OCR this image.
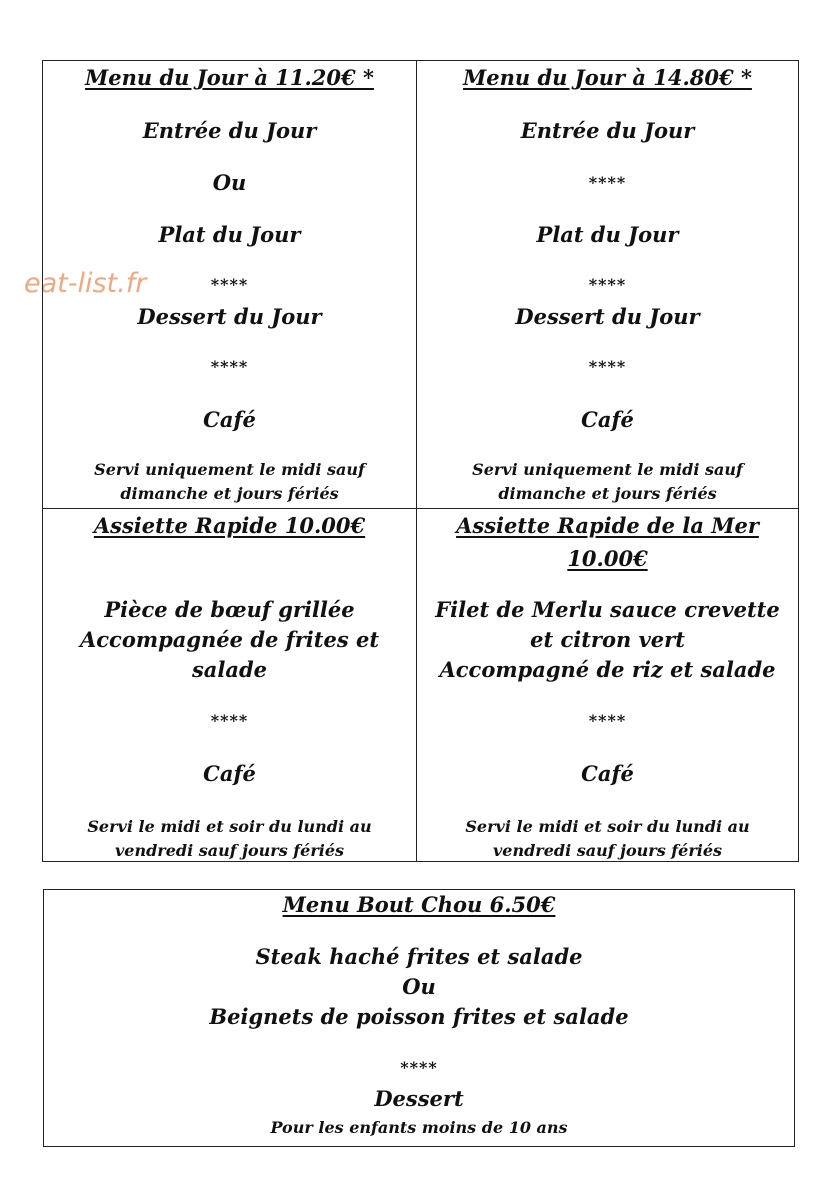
eat-list.fr
Menu du Jour à 11.20€ *
Entrée du Jour
Ou
Plat du Jour
****
Dessert du Jour
****
Café
Servi uniquement le midi sauf
dimanche et jours fériés
Menu du Jour à 14.80€ *
Entrée du Jour
****
Plat du Jour
****
Dessert du Jour
****
Café
Servi uniquement le midi sauf
dimanche et jours fériés
Assiette Rapide 10.00€
Pièce de bœuf grillée
Accompagnée de frites et
salade
****
Café
Servi le midi et soir du lundi au
vendredi sauf jours fériés
Assiette Rapide de la Mer
10.00€
Filet de Merlu sauce crevette
et citron vert
Accompagné de riz et salade
****
Café
Servi le midi et soir du lundi au
vendredi sauf jours fériés
Menu Bout Chou 6.50€
Steak haché frites et salade
Ou
Beignets de poisson frites et salade
****
Dessert
Pour les enfants moins de 10 ans
